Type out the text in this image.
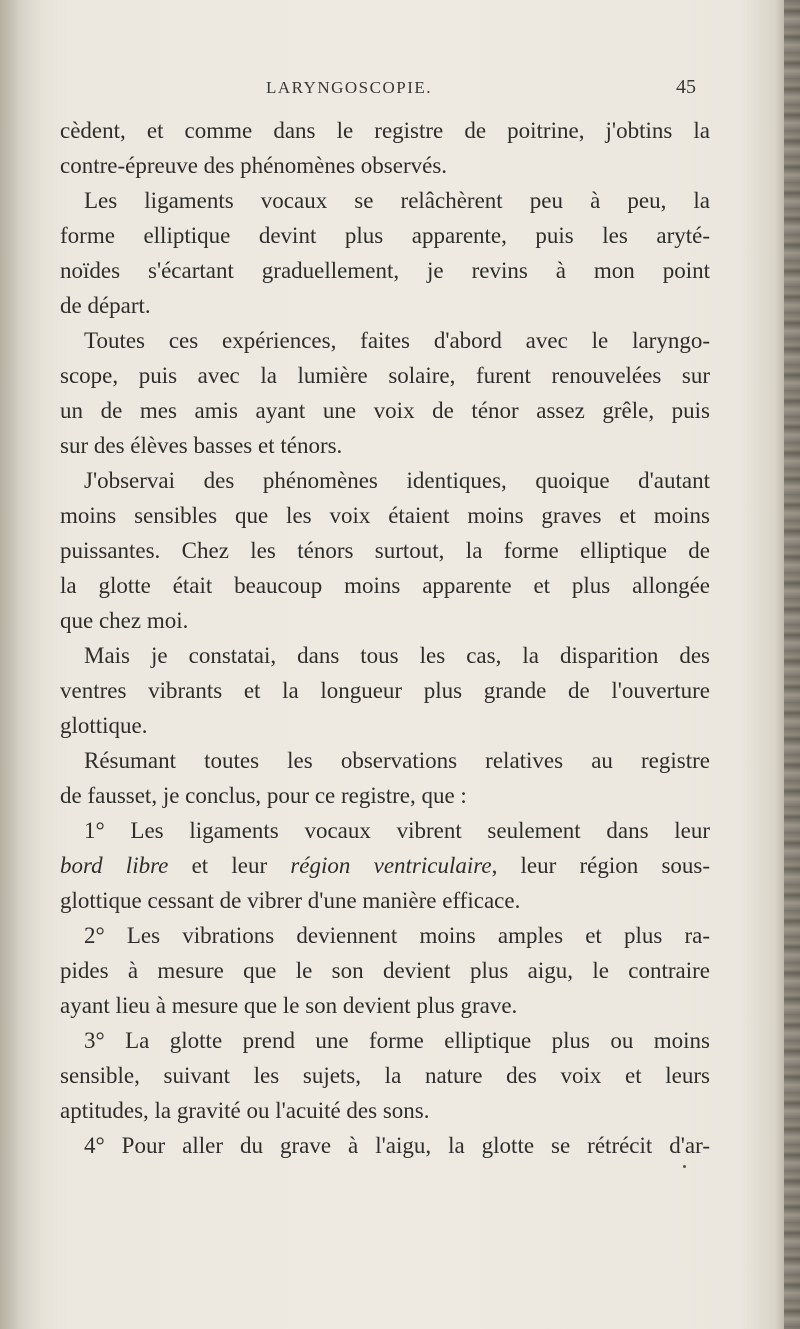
LARYNGOSCOPIE.	45
cèdent, et comme dans le registre de poitrine, j'obtins la
contre-épreuve des phénomènes observés.
Les ligaments vocaux se relâchèrent peu à peu, la
forme elliptique devint plus apparente, puis les aryté-
noïdes s'écartant graduellement, je revins à mon point
de départ.
Toutes ces expériences, faites d'abord avec le laryngo-
scope, puis avec la lumière solaire, furent renouvelées sur
un de mes amis ayant une voix de ténor assez grêle, puis
sur des élèves basses et ténors.
J'observai des phénomènes identiques, quoique d'autant
moins sensibles que les voix étaient moins graves et moins
puissantes. Chez les ténors surtout, la forme elliptique de
la glotte était beaucoup moins apparente et plus allongée
que chez moi.
Mais je constatai, dans tous les cas, la disparition des
ventres vibrants et la longueur plus grande de l'ouverture
glottique.
Résumant toutes les observations relatives au registre
de fausset, je conclus, pour ce registre, que :
1° Les ligaments vocaux vibrent seulement dans leur
bord libre et leur région ventriculaire, leur région sous-
glottique cessant de vibrer d'une manière efficace.
2° Les vibrations deviennent moins amples et plus ra-
pides à mesure que le son devient plus aigu, le contraire
ayant lieu à mesure que le son devient plus grave.
3° La glotte prend une forme elliptique plus ou moins
sensible, suivant les sujets, la nature des voix et leurs
aptitudes, la gravité ou l'acuité des sons.
4° Pour aller du grave à l'aigu, la glotte se rétrécit d'ar-
